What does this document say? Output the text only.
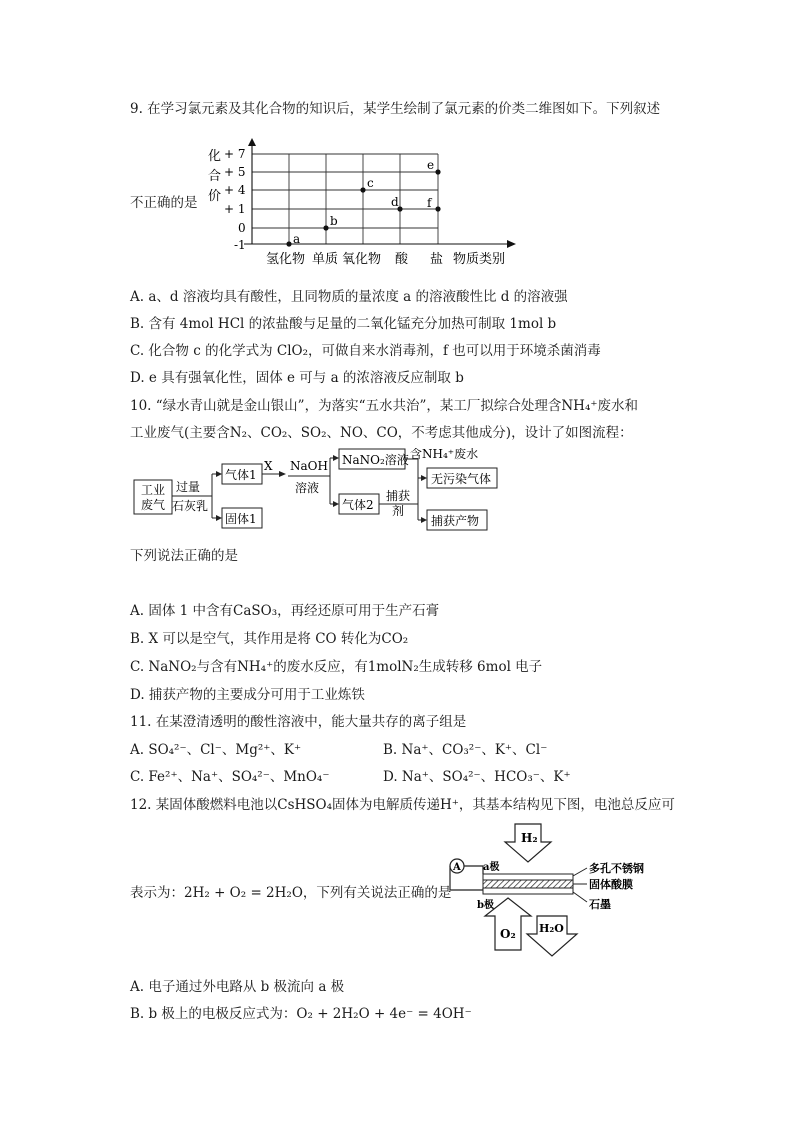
9. 在学习氯元素及其化合物的知识后，某学生绘制了氯元素的价类二维图如下。下列叙述
不正确的是
化
合
价
+ 7
+ 5
+ 4
+ 1
0
-1
氢化物 单质 氧化物 酸 盐 物质类别
a
b
c
d
e
f
A. a、d 溶液均具有酸性，且同物质的量浓度 a 的溶液酸性比 d 的溶液强
B. 含有 4mol HCl 的浓盐酸与足量的二氧化锰充分加热可制取 1mol b
C. 化合物 c 的化学式为 ClO₂，可做自来水消毒剂，f 也可以用于环境杀菌消毒
D. e 具有强氧化性，固体 e 可与 a 的浓溶液反应制取 b
10. “绿水青山就是金山银山”，为落实“五水共治”，某工厂拟综合处理含NH₄⁺废水和
工业废气(主要含N₂、CO₂、SO₂、NO、CO，不考虑其他成分)，设计了如图流程：
工业
废气
过量
石灰乳
气体1
固体1
X NaOH
溶液
NaNO₂溶液
气体2
含NH₄⁺废水
捕获
剂
无污染气体
捕获产物
下列说法正确的是
A. 固体 1 中含有CaSO₃，再经还原可用于生产石膏
B. X 可以是空气，其作用是将 CO 转化为CO₂
C. NaNO₂与含有NH₄⁺的废水反应，有1molN₂生成转移 6mol 电子
D. 捕获产物的主要成分可用于工业炼铁
11. 在某澄清透明的酸性溶液中，能大量共存的离子组是
A. SO₄²⁻、Cl⁻、Mg²⁺、K⁺	B. Na⁺、CO₃²⁻、K⁺、Cl⁻
C. Fe²⁺、Na⁺、SO₄²⁻、MnO₄⁻	D. Na⁺、SO₄²⁻、HCO₃⁻、K⁺
12. 某固体酸燃料电池以CsHSO₄固体为电解质传递H⁺，其基本结构见下图，电池总反应可
表示为：2H₂ + O₂ = 2H₂O，下列有关说法正确的是
H₂
A a极
b极
多孔不锈钢
固体酸膜
石墨
O₂ H₂O
A. 电子通过外电路从 b 极流向 a 极
B. b 极上的电极反应式为：O₂ + 2H₂O + 4e⁻ = 4OH⁻
